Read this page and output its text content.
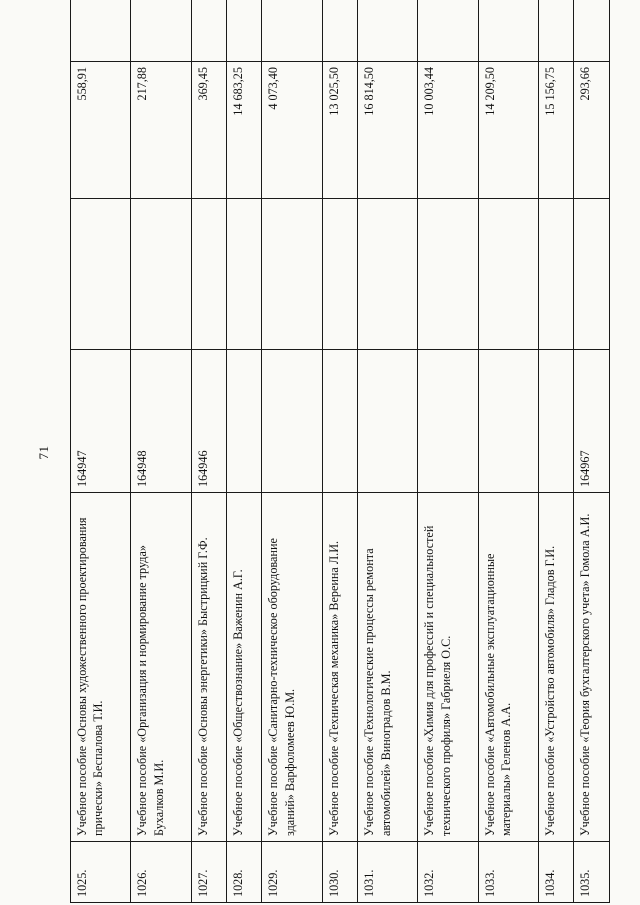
71
1025.	Учебное пособие «Основы художественного проектирования прически» Беспалова Т.И.	164947		558,91	
1026.	Учебное пособие «Организация и нормирование труда» Бухалков М.И.	164948		217,88	
1027.	Учебное пособие «Основы энергетики» Быстрицкий Г.Ф.	164946		369,45	
1028.	Учебное пособие «Обществознание» Важенин А.Г.			14 683,25	
1029.	Учебное пособие «Санитарно-техническое оборудование зданий» Варфоломеев Ю.М.			4 073,40	
1030.	Учебное пособие «Техническая механика» Вереина Л.И.			13 025,50	
1031.	Учебное пособие «Технологические процессы ремонта автомобилей» Виноградов В.М.			16 814,50	
1032.	Учебное пособие «Химия для профессий и специальностей технического профиля» Габриеля О.С.			10 003,44	
1033.	Учебное пособие «Автомобильные эксплуатационные материалы» Геленов А.А.			14 209,50	
1034.	Учебное пособие «Устройство автомобиля» Гладов Г.И.			15 156,75	
1035.	Учебное пособие «Теория бухгалтерского учета» Гомола А.И.	164967		293,66	
